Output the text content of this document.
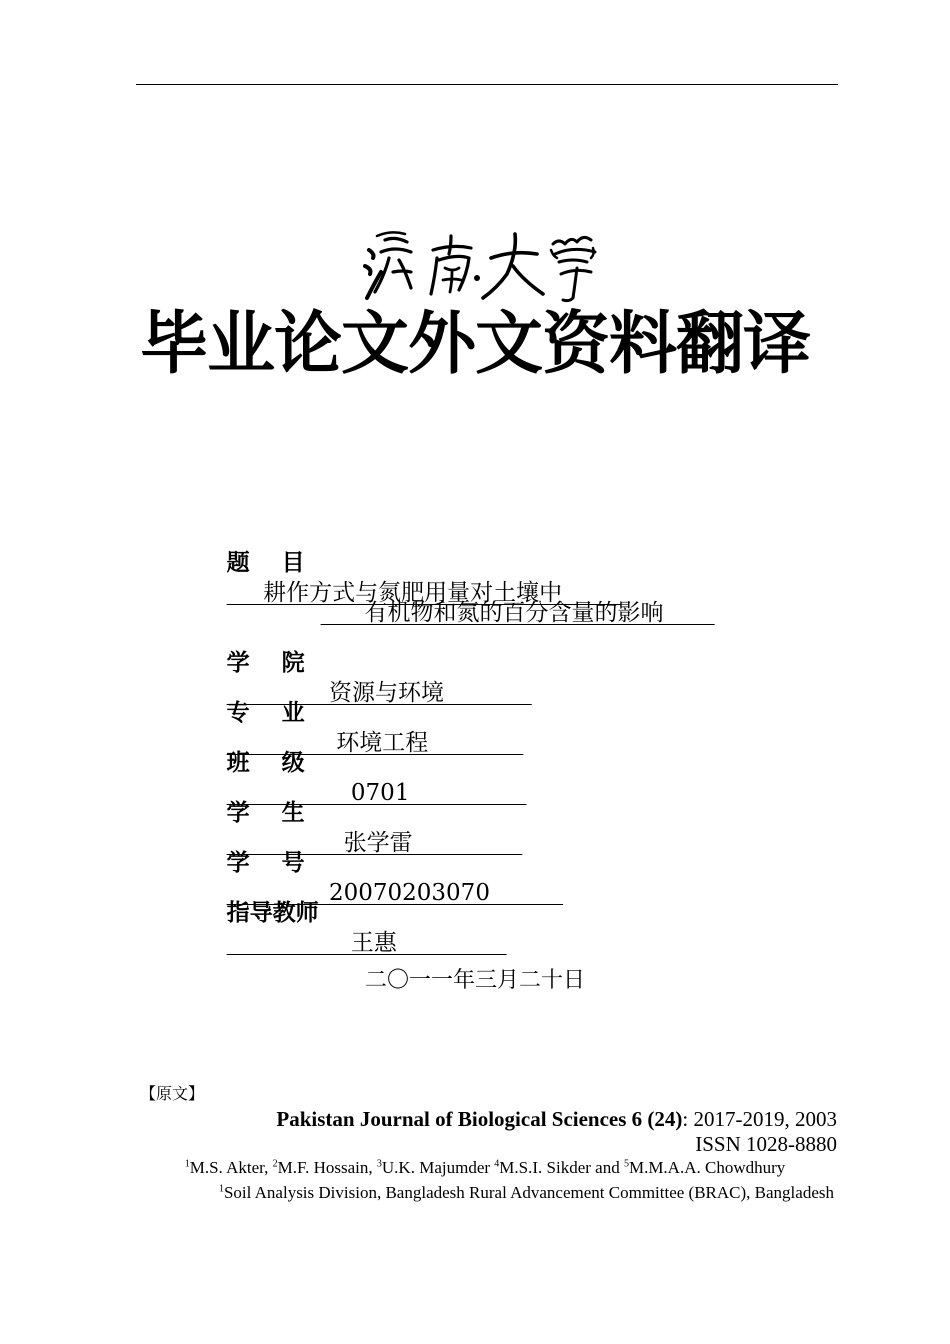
毕业论文外文资料翻译

题    目
耕作方式与氮肥用量对土壤中

有机物和氮的百分含量的影响

学    院
资源与环境

专    业
环境工程

班    级
0701

学    生
张学雷

学    号
20070203070

指导教师
王惠

二〇一一年三月二十日
【原文】
Pakistan Journal of Biological Sciences 6 (24): 2017-2019, 2003
ISSN 1028-8880
$^1$M.S. Akter, $^2$M.F. Hossain, $^3$U.K. Majumder $^4$M.S.I. Sikder and $^5$M.M.A.A. Chowdhury
$^1$Soil Analysis Division, Bangladesh Rural Advancement Committee (BRAC), Bangladesh
